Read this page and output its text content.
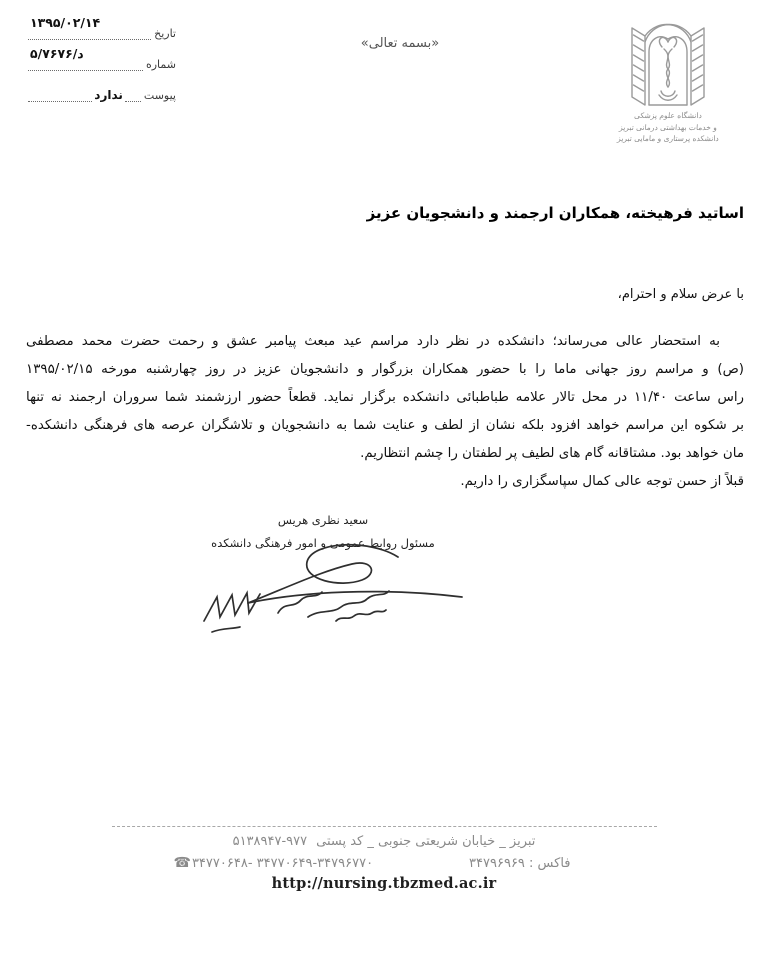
تاریخ
۱۳۹۵/۰۲/۱۴
شماره
۵/د/۷۶۷۶
پیوست
ندارد
«بسمه تعالی»
دانشگاه علوم پزشکی
و خدمات بهداشتی درمانی تبریز
دانشکده پرستاری و مامایی تبریز
اساتید فرهیخته، همکاران ارجمند و دانشجویان عزیز
با عرض سلام و احترام،
به استحضار عالی می‌رساند؛ دانشکده در نظر دارد مراسم عید مبعث پیامبر عشق و رحمت حضرت محمد مصطفی
(ص) و مراسم روز جهانی ماما را با حضور همکاران بزرگوار و دانشجویان عزیز در روز چهارشنبه مورخه ۱۳۹۵/۰۲/۱۵
راس ساعت ۱۱/۴۰ در محل تالار علامه طباطبائی دانشکده برگزار نماید. قطعاً حضور ارزشمند شما سروران ارجمند نه تنها
بر شکوه این مراسم خواهد افزود بلکه نشان از لطف و عنایت شما به دانشجویان و تلاشگران عرصه های فرهنگی دانشکده-
مان خواهد بود. مشتاقانه گام های لطیف پر لطفتان را چشم انتظاریم.
قبلاً از حسن توجه عالی کمال سپاسگزاری را داریم.
سعید نظری هریس
مسئول روابط عمومی و امور فرهنگی دانشکده
تبریز _ خیابان شریعتی جنوبی _ کد پستی
۵۱۳۸۹۴۷-۹۷۷
☎۳۴۷۷۰۶۴۸- ۳۴۷۷۰۶۴۹-۳۴۷۹۶۷۷۰	فاکس : ۳۴۷۹۶۹۶۹
http://nursing.tbzmed.ac.ir
